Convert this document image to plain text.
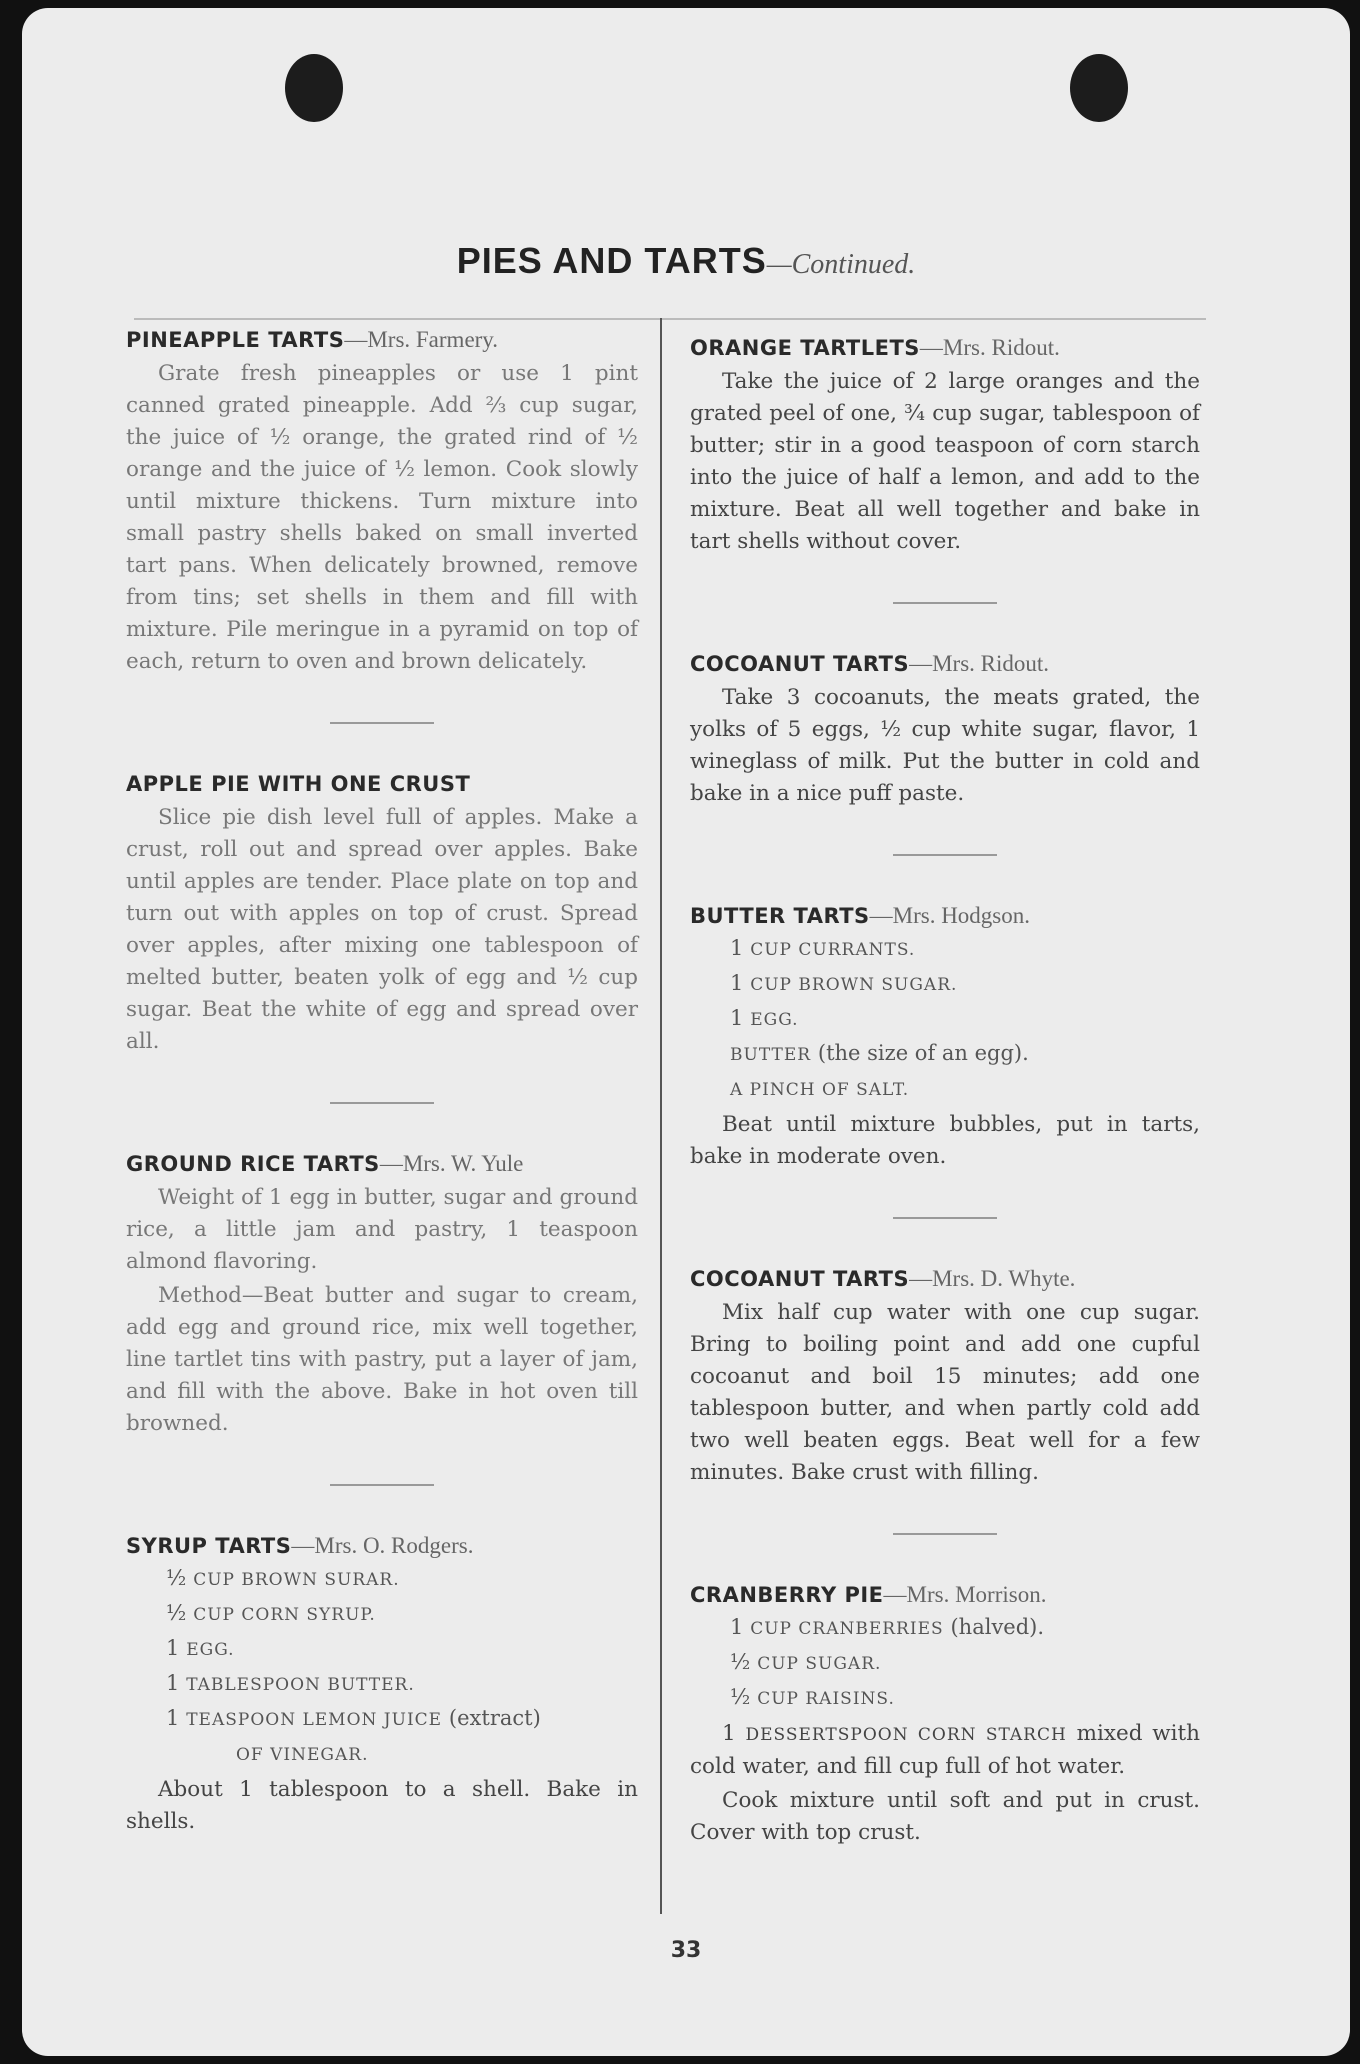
PIES AND TARTS—Continued.

PINEAPPLE TARTS—Mrs. Farmery.

Grate fresh pineapples or use 1 pint canned grated pineapple. Add ⅔ cup sugar, the juice of ½ orange, the grated rind of ½ orange and the juice of ½ lemon. Cook slowly until mixture thickens. Turn mixture into small pastry shells baked on small inverted tart pans. When delicately browned, remove from tins; set shells in them and fill with mixture. Pile meringue in a pyramid on top of each, return to oven and brown delicately.

APPLE PIE WITH ONE CRUST

Slice pie dish level full of apples. Make a crust, roll out and spread over apples. Bake until apples are tender. Place plate on top and turn out with apples on top of crust. Spread over apples, after mixing one tablespoon of melted butter, beaten yolk of egg and ½ cup sugar. Beat the white of egg and spread over all.

GROUND RICE TARTS—Mrs. W. Yule

Weight of 1 egg in butter, sugar and ground rice, a little jam and pastry, 1 teaspoon almond flavoring.

Method—Beat butter and sugar to cream, add egg and ground rice, mix well together, line tartlet tins with pastry, put a layer of jam, and fill with the above. Bake in hot oven till browned.

SYRUP TARTS—Mrs. O. Rodgers.

½ CUP BROWN SURAR.

½ CUP CORN SYRUP.

1 EGG.

1 TABLESPOON BUTTER.

1 TEASPOON LEMON JUICE (extract)

OF VINEGAR.

About 1 tablespoon to a shell. Bake in shells.

ORANGE TARTLETS—Mrs. Ridout.

Take the juice of 2 large oranges and the grated peel of one, ¾ cup sugar, tablespoon of butter; stir in a good teaspoon of corn starch into the juice of half a lemon, and add to the mixture. Beat all well together and bake in tart shells without cover.

COCOANUT TARTS—Mrs. Ridout.

Take 3 cocoanuts, the meats grated, the yolks of 5 eggs, ½ cup white sugar, flavor, 1 wineglass of milk. Put the butter in cold and bake in a nice puff paste.

BUTTER TARTS—Mrs. Hodgson.

1 CUP CURRANTS.

1 CUP BROWN SUGAR.

1 EGG.

BUTTER (the size of an egg).

A PINCH OF SALT.

Beat until mixture bubbles, put in tarts, bake in moderate oven.

COCOANUT TARTS—Mrs. D. Whyte.

Mix half cup water with one cup sugar. Bring to boiling point and add one cupful cocoanut and boil 15 minutes; add one tablespoon butter, and when partly cold add two well beaten eggs. Beat well for a few minutes. Bake crust with filling.

CRANBERRY PIE—Mrs. Morrison.

1 CUP CRANBERRIES (halved).

½ CUP SUGAR.

½ CUP RAISINS.

1 DESSERTSPOON CORN STARCH mixed with cold water, and fill cup full of hot water.

Cook mixture until soft and put in crust. Cover with top crust.

33
